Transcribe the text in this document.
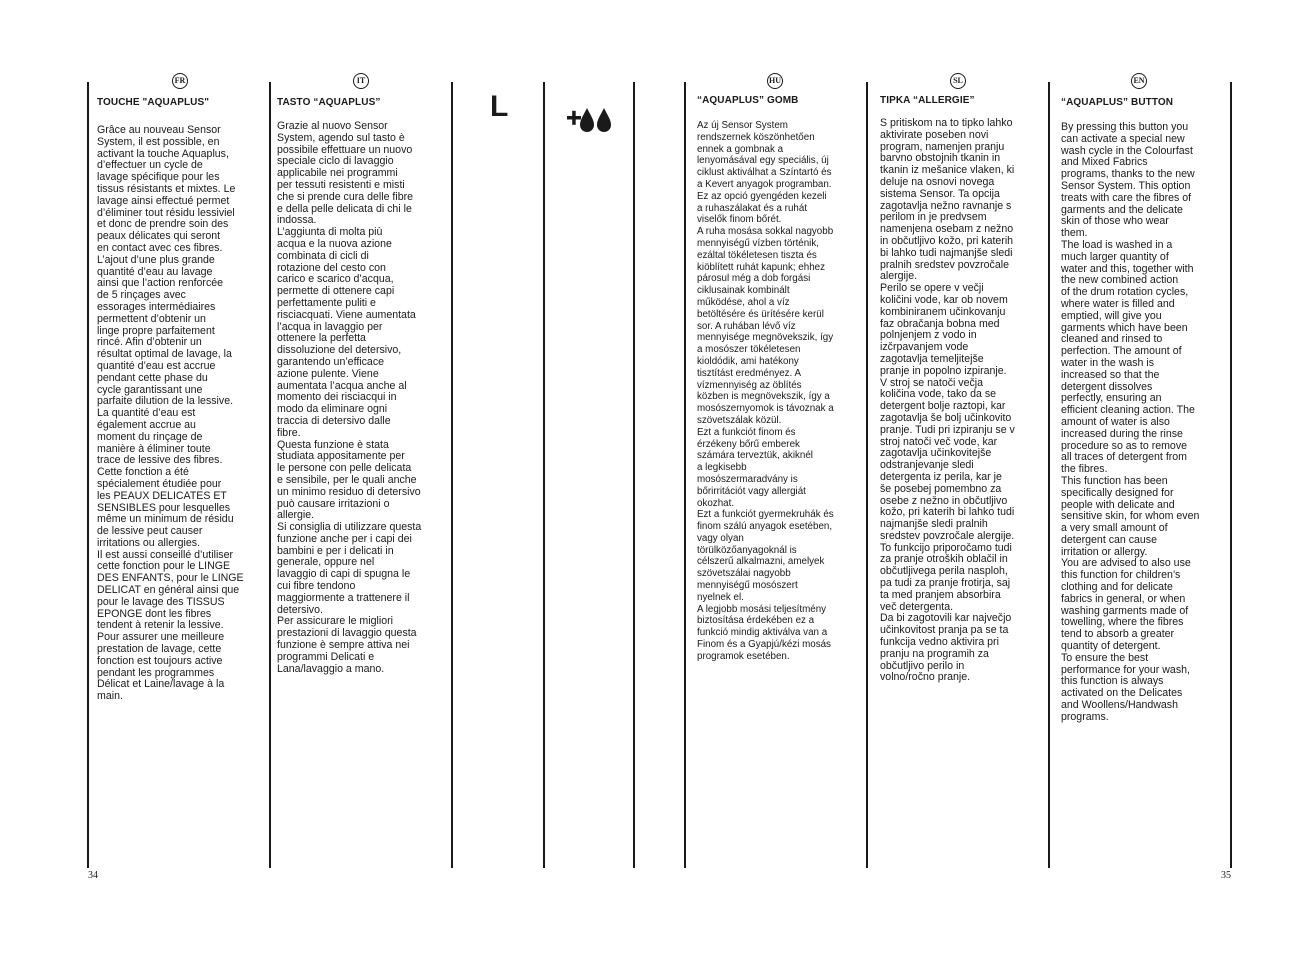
FR	IT	HU	SL	EN
TOUCHE "AQUAPLUS"	TASTO “AQUAPLUS”	“AQUAPLUS” GOMB	TIPKA “ALLERGIE”	“AQUAPLUS” BUTTON
L

Grâce au nouveau Sensor

System, il est possible, en

activant la touche Aquaplus,

d’effectuer un cycle de

lavage spécifique pour les

tissus résistants et mixtes. Le

lavage ainsi effectué permet

d’éliminer tout résidu lessiviel

et donc de prendre soin des

peaux délicates qui seront

en contact avec ces fibres.

L’ajout d’une plus grande

quantité d’eau au lavage

ainsi que l’action renforcée

de 5 rinçages avec

essorages intermédiaires

permettent d’obtenir un

linge propre parfaitement

rincé. Afin d’obtenir un

résultat optimal de lavage, la

quantité d’eau est accrue

pendant cette phase du

cycle garantissant une

parfaite dilution de la lessive.

La quantité d’eau est

également accrue au

moment du rinçage de

manière à éliminer toute

trace de lessive des fibres.

Cette fonction a été

spécialement étudiée pour

les PEAUX DELICATES ET

SENSIBLES pour lesquelles

même un minimum de résidu

de lessive peut causer

irritations ou allergies.

Il est aussi conseillé d’utiliser

cette fonction pour le LINGE

DES ENFANTS, pour le LINGE

DELICAT en général ainsi que

pour le lavage des TISSUS

EPONGE dont les fibres

tendent à retenir la lessive.

Pour assurer une meilleure

prestation de lavage, cette

fonction est toujours active

pendant les programmes

Délicat et Laine/lavage à la

main.

Grazie al nuovo Sensor

System, agendo sul tasto è

possibile effettuare un nuovo

speciale ciclo di lavaggio

applicabile nei programmi

per tessuti resistenti e misti

che si prende cura delle fibre

e della pelle delicata di chi le

indossa.

L’aggiunta di molta più

acqua e la nuova azione

combinata di cicli di

rotazione del cesto con

carico e scarico d’acqua,

permette di ottenere capi

perfettamente puliti e

risciacquati. Viene aumentata

l’acqua in lavaggio per

ottenere la perfetta

dissoluzione del detersivo,

garantendo un’efficace

azione pulente. Viene

aumentata l’acqua anche al

momento dei risciacqui in

modo da eliminare ogni

traccia di detersivo dalle

fibre.

Questa funzione è stata

studiata appositamente per

le persone con pelle delicata

e sensibile, per le quali anche

un minimo residuo di detersivo

può causare irritazioni o

allergie.

Si consiglia di utilizzare questa

funzione anche per i capi dei

bambini e per i delicati in

generale, oppure nel

lavaggio di capi di spugna le

cui fibre tendono

maggiormente a trattenere il

detersivo.

Per assicurare le migliori

prestazioni di lavaggio questa

funzione è sempre attiva nei

programmi Delicati e

Lana/lavaggio a mano.

Az új Sensor System

rendszernek köszönhetően

ennek a gombnak a

lenyomásával egy speciális, új

ciklust aktiválhat a Színtartó és

a Kevert anyagok programban.

Ez az opció gyengéden kezeli

a ruhaszálakat és a ruhát

viselők finom bőrét.

A ruha mosása sokkal nagyobb

mennyiségű vízben történik,

ezáltal tökéletesen tiszta és

kiöblített ruhát kapunk; ehhez

párosul még a dob forgási

ciklusainak kombinált

működése, ahol a víz

betöltésére és ürítésére kerül

sor. A ruhában lévő víz

mennyisége megnövekszik, így

a mosószer tökéletesen

kioldódik, ami hatékony

tisztítást eredményez. A

vízmennyiség az öblítés

közben is megnövekszik, így a

mosószernyomok is távoznak a

szövetszálak közül.

Ezt a funkciót finom és

érzékeny bőrű emberek

számára terveztük, akiknél

a legkisebb

mosószermaradvány is

bőrirritációt vagy allergiát

okozhat.

Ezt a funkciót gyermekruhák és

finom szálú anyagok esetében,

vagy olyan

törülközőanyagoknál is

célszerű alkalmazni, amelyek

szövetszálai nagyobb

mennyiségű mosószert

nyelnek el.

A legjobb mosási teljesítmény

biztosítása érdekében ez a

funkció mindig aktiválva van a

Finom és a Gyapjú/kézi mosás

programok esetében.

S pritiskom na to tipko lahko

aktivirate poseben novi

program, namenjen pranju

barvno obstojnih tkanin in

tkanin iz mešanice vlaken, ki

deluje na osnovi novega

sistema Sensor. Ta opcija

zagotavlja nežno ravnanje s

perilom in je predvsem

namenjena osebam z nežno

in občutljivo kožo, pri katerih

bi lahko tudi najmanjše sledi

pralnih sredstev povzročale

alergije.

Perilo se opere v večji

količini vode, kar ob novem

kombiniranem učinkovanju

faz obračanja bobna med

polnjenjem z vodo in

izčrpavanjem vode

zagotavlja temeljitejše

pranje in popolno izpiranje.

V stroj se natoči večja

količina vode, tako da se

detergent bolje raztopi, kar

zagotavlja še bolj učinkovito

pranje. Tudi pri izpiranju se v

stroj natoči več vode, kar

zagotavlja učinkovitejše

odstranjevanje sledi

detergenta iz perila, kar je

še posebej pomembno za

osebe z nežno in občutljivo

kožo, pri katerih bi lahko tudi

najmanjše sledi pralnih

sredstev povzročale alergije.

To funkcijo priporočamo tudi

za pranje otroških oblačil in

občutljivega perila nasploh,

pa tudi za pranje frotirja, saj

ta med pranjem absorbira

več detergenta.

Da bi zagotovili kar največjo

učinkovitost pranja pa se ta

funkcija vedno aktivira pri

pranju na programih za

občutljivo perilo in

volno/ročno pranje.

By pressing this button you

can activate a special new

wash cycle in the Colourfast

and Mixed Fabrics

programs, thanks to the new

Sensor System. This option

treats with care the fibres of

garments and the delicate

skin of those who wear

them.

The load is washed in a

much larger quantity of

water and this, together with

the new combined action

of the drum rotation cycles,

where water is filled and

emptied, will give you

garments which have been

cleaned and rinsed to

perfection. The amount of

water in the wash is

increased so that the

detergent dissolves

perfectly, ensuring an

efficient cleaning action. The

amount of water is also

increased during the rinse

procedure so as to remove

all traces of detergent from

the fibres.

This function has been

specifically designed for

people with delicate and

sensitive skin, for whom even

a very small amount of

detergent can cause

irritation or allergy.

You are advised to also use

this function for children’s

clothing and for delicate

fabrics in general, or when

washing garments made of

towelling, where the fibres

tend to absorb a greater

quantity of detergent.

To ensure the best

performance for your wash,

this function is always

activated on the Delicates

and Woollens/Handwash

programs.

34	35
